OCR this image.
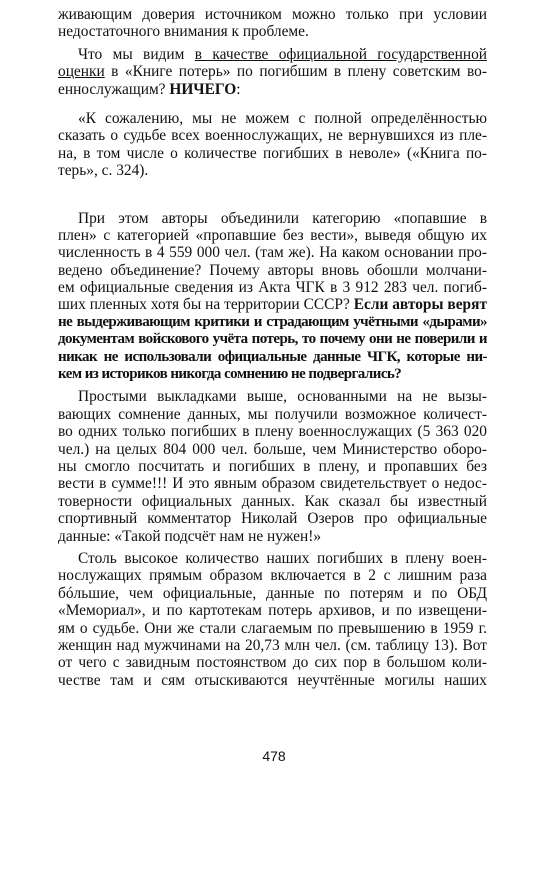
живающим доверия источником можно только при условии
недостаточного внимания к проблеме.
Что мы видим в качестве официальной государственной
оценки в «Книге потерь» по погибшим в плену советским во-
еннослужащим? НИЧЕГО:
«К сожалению, мы не можем с полной определённостью
сказать о судьбе всех военнослужащих, не вернувшихся из пле-
на, в том числе о количестве погибших в неволе» («Книга по-
терь», с. 324).
При этом авторы объединили категорию «попавшие в
плен» с категорией «пропавшие без вести», выведя общую их
численность в 4 559 000 чел. (там же). На каком основании про-
ведено объединение? Почему авторы вновь обошли молчани-
ем официальные сведения из Акта ЧГК в 3 912 283 чел. погиб-
ших пленных хотя бы на территории СССР? Если авторы верят
не выдерживающим критики и страдающим учётными «дырами»
документам войскового учёта потерь, то почему они не поверили и
никак не использовали официальные данные ЧГК, которые ни-
кем из историков никогда сомнению не подвергались?
Простыми выкладками выше, основанными на не вызы-
вающих сомнение данных, мы получили возможное количест-
во одних только погибших в плену военнослужащих (5 363 020
чел.) на целых 804 000 чел. больше, чем Министерство оборо-
ны смогло посчитать и погибших в плену, и пропавших без
вести в сумме!!! И это явным образом свидетельствует о недос-
товерности официальных данных. Как сказал бы известный
спортивный комментатор Николай Озеров про официальные
данные: «Такой подсчёт нам не нужен!»
Столь высокое количество наших погибших в плену воен-
нослужащих прямым образом включается в 2 с лишним раза
бóльшие, чем официальные, данные по потерям и по ОБД
«Мемориал», и по картотекам потерь архивов, и по извещени-
ям о судьбе. Они же стали слагаемым по превышению в 1959 г.
женщин над мужчинами на 20,73 млн чел. (см. таблицу 13). Вот
от чего с завидным постоянством до сих пор в большом коли-
честве там и сям отыскиваются неучтённые могилы наших
478
